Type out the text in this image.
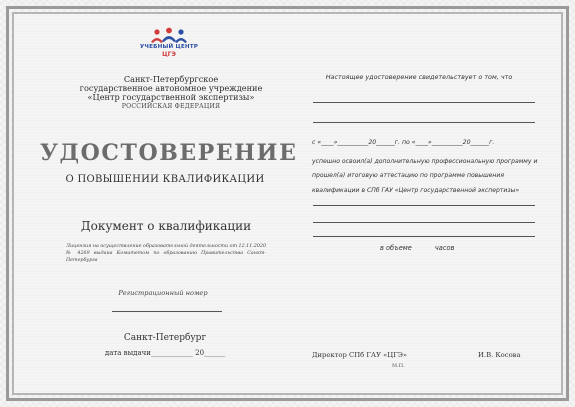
УЧЕБНЫЙ ЦЕНТР
ЦГЭ
Санкт-Петербургское
государственное автономное учреждение
«Центр государственной экспертизы»
РОССИЙСКАЯ ФЕДЕРАЦИЯ
УДОСТОВЕРЕНИЕ
О ПОВЫШЕНИИ КВАЛИФИКАЦИИ
Документ о квалификации
Лицензия на осуществление образовательной деятельности от 12.11.2020 № 4269 выдана Комитетом по образованию Правительства Санкт-Петербурга
Регистрационный номер
Санкт-Петербург
дата выдачи____________ 20______
Настоящее удостоверение свидетельствует о том, что
с «____»__________20______г. по «____»__________20______г.
успешно освоил(а) дополнительную профессиональную программу и прошел(а) итоговую аттестацию по программе повышения квалификации в СПб ГАУ «Центр государственной экспертизы»
в объеме           часов
Директор СПб ГАУ «ЦГЭ»
М.П.
И.В. Косова
